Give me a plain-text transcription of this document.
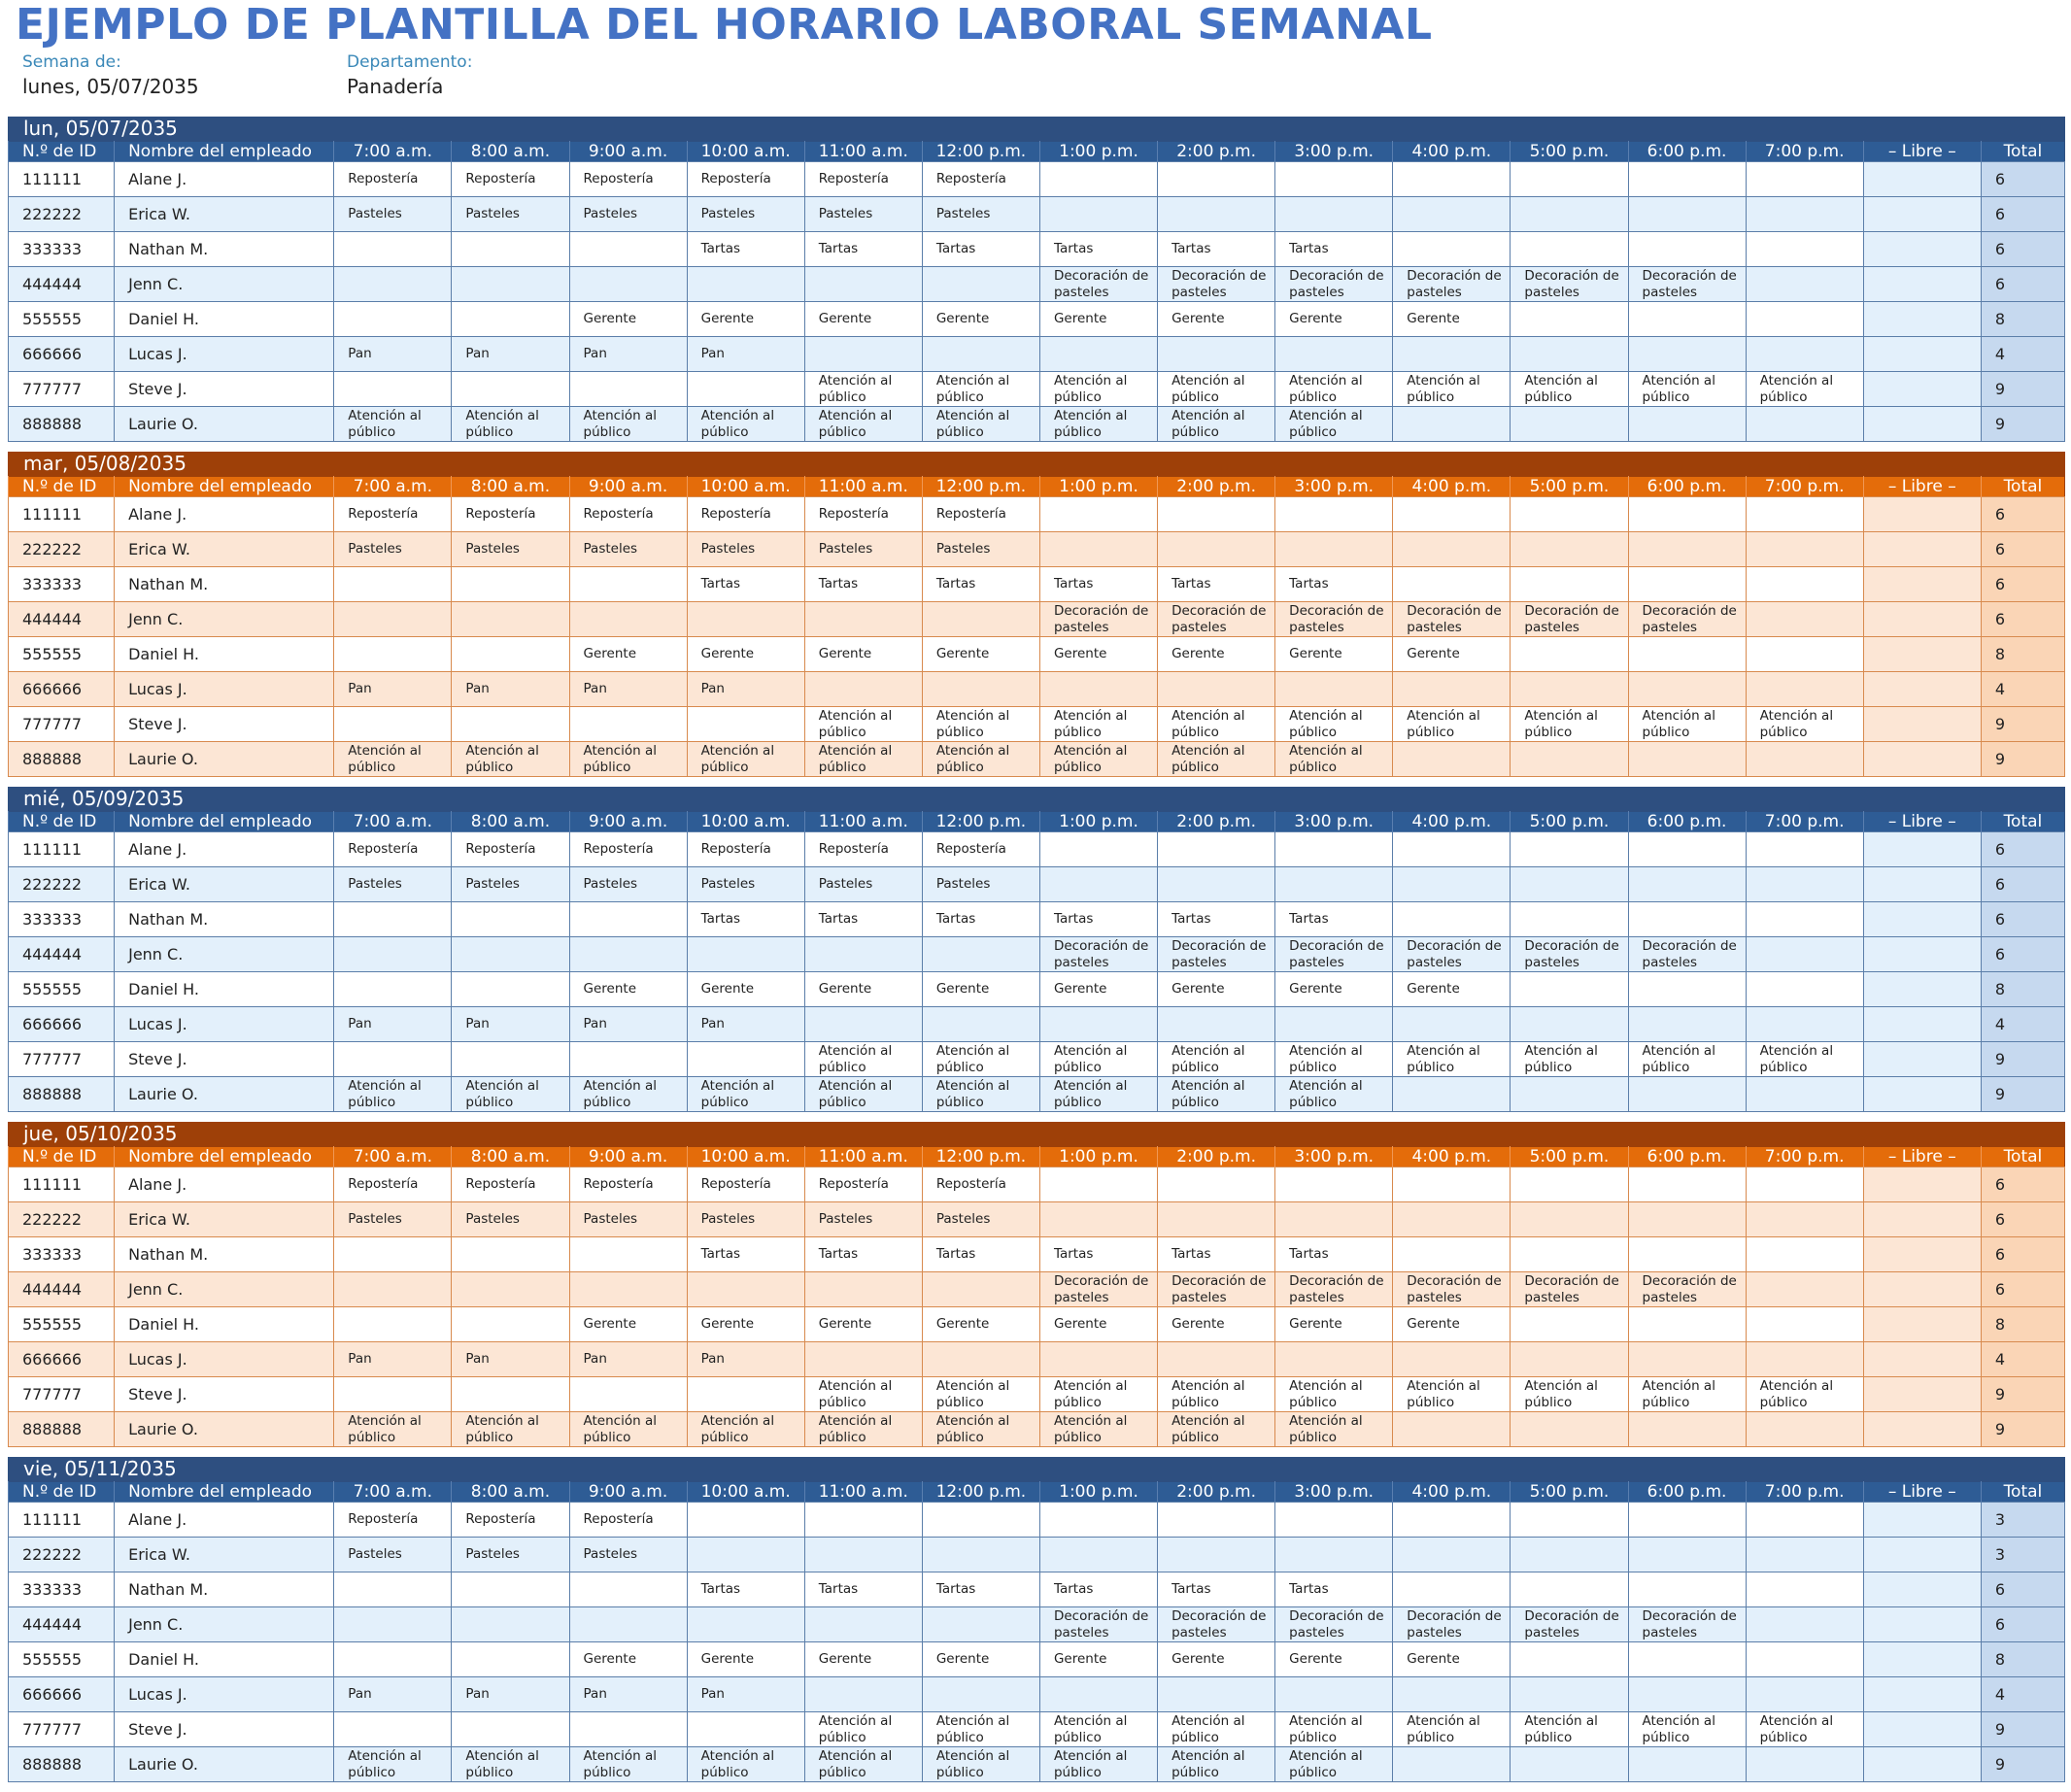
EJEMPLO DE PLANTILLA DEL HORARIO LABORAL SEMANAL
Semana de:
lunes, 05/07/2035
Departamento:
Panadería
lun, 05/07/2035
N.º de ID	Nombre del empleado	7:00 a.m.	8:00 a.m.	9:00 a.m.	10:00 a.m.	11:00 a.m.	12:00 p.m.	1:00 p.m.	2:00 p.m.	3:00 p.m.	4:00 p.m.	5:00 p.m.	6:00 p.m.	7:00 p.m.	– Libre –	Total
111111	Alane J.	Repostería	Repostería	Repostería	Repostería	Repostería	Repostería									6
222222	Erica W.	Pasteles	Pasteles	Pasteles	Pasteles	Pasteles	Pasteles									6
333333	Nathan M.				Tartas	Tartas	Tartas	Tartas	Tartas	Tartas						6
444444	Jenn C.							Decoración de pasteles	Decoración de pasteles	Decoración de pasteles	Decoración de pasteles	Decoración de pasteles	Decoración de pasteles			6
555555	Daniel H.			Gerente	Gerente	Gerente	Gerente	Gerente	Gerente	Gerente	Gerente					8
666666	Lucas J.	Pan	Pan	Pan	Pan											4
777777	Steve J.					Atención al público	Atención al público	Atención al público	Atención al público	Atención al público	Atención al público	Atención al público	Atención al público	Atención al público		9
888888	Laurie O.	Atención al público	Atención al público	Atención al público	Atención al público	Atención al público	Atención al público	Atención al público	Atención al público	Atención al público						9
mar, 05/08/2035
N.º de ID	Nombre del empleado	7:00 a.m.	8:00 a.m.	9:00 a.m.	10:00 a.m.	11:00 a.m.	12:00 p.m.	1:00 p.m.	2:00 p.m.	3:00 p.m.	4:00 p.m.	5:00 p.m.	6:00 p.m.	7:00 p.m.	– Libre –	Total
111111	Alane J.	Repostería	Repostería	Repostería	Repostería	Repostería	Repostería									6
222222	Erica W.	Pasteles	Pasteles	Pasteles	Pasteles	Pasteles	Pasteles									6
333333	Nathan M.				Tartas	Tartas	Tartas	Tartas	Tartas	Tartas						6
444444	Jenn C.							Decoración de pasteles	Decoración de pasteles	Decoración de pasteles	Decoración de pasteles	Decoración de pasteles	Decoración de pasteles			6
555555	Daniel H.			Gerente	Gerente	Gerente	Gerente	Gerente	Gerente	Gerente	Gerente					8
666666	Lucas J.	Pan	Pan	Pan	Pan											4
777777	Steve J.					Atención al público	Atención al público	Atención al público	Atención al público	Atención al público	Atención al público	Atención al público	Atención al público	Atención al público		9
888888	Laurie O.	Atención al público	Atención al público	Atención al público	Atención al público	Atención al público	Atención al público	Atención al público	Atención al público	Atención al público						9
mié, 05/09/2035
N.º de ID	Nombre del empleado	7:00 a.m.	8:00 a.m.	9:00 a.m.	10:00 a.m.	11:00 a.m.	12:00 p.m.	1:00 p.m.	2:00 p.m.	3:00 p.m.	4:00 p.m.	5:00 p.m.	6:00 p.m.	7:00 p.m.	– Libre –	Total
111111	Alane J.	Repostería	Repostería	Repostería	Repostería	Repostería	Repostería									6
222222	Erica W.	Pasteles	Pasteles	Pasteles	Pasteles	Pasteles	Pasteles									6
333333	Nathan M.				Tartas	Tartas	Tartas	Tartas	Tartas	Tartas						6
444444	Jenn C.							Decoración de pasteles	Decoración de pasteles	Decoración de pasteles	Decoración de pasteles	Decoración de pasteles	Decoración de pasteles			6
555555	Daniel H.			Gerente	Gerente	Gerente	Gerente	Gerente	Gerente	Gerente	Gerente					8
666666	Lucas J.	Pan	Pan	Pan	Pan											4
777777	Steve J.					Atención al público	Atención al público	Atención al público	Atención al público	Atención al público	Atención al público	Atención al público	Atención al público	Atención al público		9
888888	Laurie O.	Atención al público	Atención al público	Atención al público	Atención al público	Atención al público	Atención al público	Atención al público	Atención al público	Atención al público						9
jue, 05/10/2035
N.º de ID	Nombre del empleado	7:00 a.m.	8:00 a.m.	9:00 a.m.	10:00 a.m.	11:00 a.m.	12:00 p.m.	1:00 p.m.	2:00 p.m.	3:00 p.m.	4:00 p.m.	5:00 p.m.	6:00 p.m.	7:00 p.m.	– Libre –	Total
111111	Alane J.	Repostería	Repostería	Repostería	Repostería	Repostería	Repostería									6
222222	Erica W.	Pasteles	Pasteles	Pasteles	Pasteles	Pasteles	Pasteles									6
333333	Nathan M.				Tartas	Tartas	Tartas	Tartas	Tartas	Tartas						6
444444	Jenn C.							Decoración de pasteles	Decoración de pasteles	Decoración de pasteles	Decoración de pasteles	Decoración de pasteles	Decoración de pasteles			6
555555	Daniel H.			Gerente	Gerente	Gerente	Gerente	Gerente	Gerente	Gerente	Gerente					8
666666	Lucas J.	Pan	Pan	Pan	Pan											4
777777	Steve J.					Atención al público	Atención al público	Atención al público	Atención al público	Atención al público	Atención al público	Atención al público	Atención al público	Atención al público		9
888888	Laurie O.	Atención al público	Atención al público	Atención al público	Atención al público	Atención al público	Atención al público	Atención al público	Atención al público	Atención al público						9
vie, 05/11/2035
N.º de ID	Nombre del empleado	7:00 a.m.	8:00 a.m.	9:00 a.m.	10:00 a.m.	11:00 a.m.	12:00 p.m.	1:00 p.m.	2:00 p.m.	3:00 p.m.	4:00 p.m.	5:00 p.m.	6:00 p.m.	7:00 p.m.	– Libre –	Total
111111	Alane J.	Repostería	Repostería	Repostería												3
222222	Erica W.	Pasteles	Pasteles	Pasteles												3
333333	Nathan M.				Tartas	Tartas	Tartas	Tartas	Tartas	Tartas						6
444444	Jenn C.							Decoración de pasteles	Decoración de pasteles	Decoración de pasteles	Decoración de pasteles	Decoración de pasteles	Decoración de pasteles			6
555555	Daniel H.			Gerente	Gerente	Gerente	Gerente	Gerente	Gerente	Gerente	Gerente					8
666666	Lucas J.	Pan	Pan	Pan	Pan											4
777777	Steve J.					Atención al público	Atención al público	Atención al público	Atención al público	Atención al público	Atención al público	Atención al público	Atención al público	Atención al público		9
888888	Laurie O.	Atención al público	Atención al público	Atención al público	Atención al público	Atención al público	Atención al público	Atención al público	Atención al público	Atención al público						9
